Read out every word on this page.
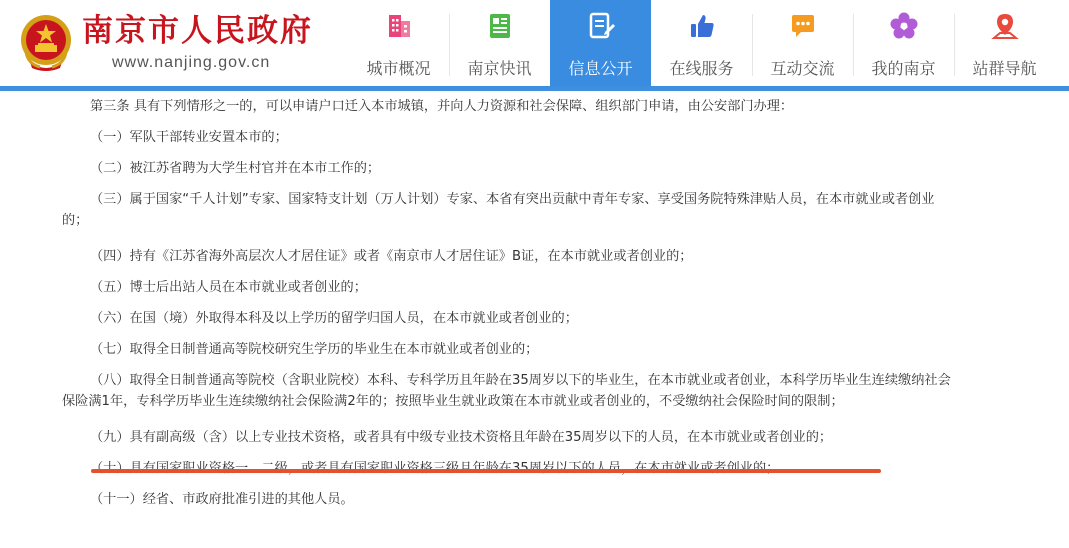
南京市人民政府
www.nanjing.gov.cn	城市概况	南京快讯	信息公开	在线服务	互动交流	我的南京	站群导航
第三条 具有下列情形之一的，可以申请户口迁入本市城镇，并向人力资源和社会保障、组织部门申请，由公安部门办理：
（一）军队干部转业安置本市的；
（二）被江苏省聘为大学生村官并在本市工作的；
（三）属于国家“千人计划”专家、国家特支计划（万人计划）专家、本省有突出贡献中青年专家、享受国务院特殊津贴人员，在本市就业或者创业
的；
（四）持有《江苏省海外高层次人才居住证》或者《南京市人才居住证》B证，在本市就业或者创业的；
（五）博士后出站人员在本市就业或者创业的；
（六）在国（境）外取得本科及以上学历的留学归国人员，在本市就业或者创业的；
（七）取得全日制普通高等院校研究生学历的毕业生在本市就业或者创业的；
（八）取得全日制普通高等院校（含职业院校）本科、专科学历且年龄在35周岁以下的毕业生，在本市就业或者创业，本科学历毕业生连续缴纳社会
保险满1年，专科学历毕业生连续缴纳社会保险满2年的；按照毕业生就业政策在本市就业或者创业的，不受缴纳社会保险时间的限制；
（九）具有副高级（含）以上专业技术资格，或者具有中级专业技术资格且年龄在35周岁以下的人员，在本市就业或者创业的；
（十一）经省、市政府批准引进的其他人员。
